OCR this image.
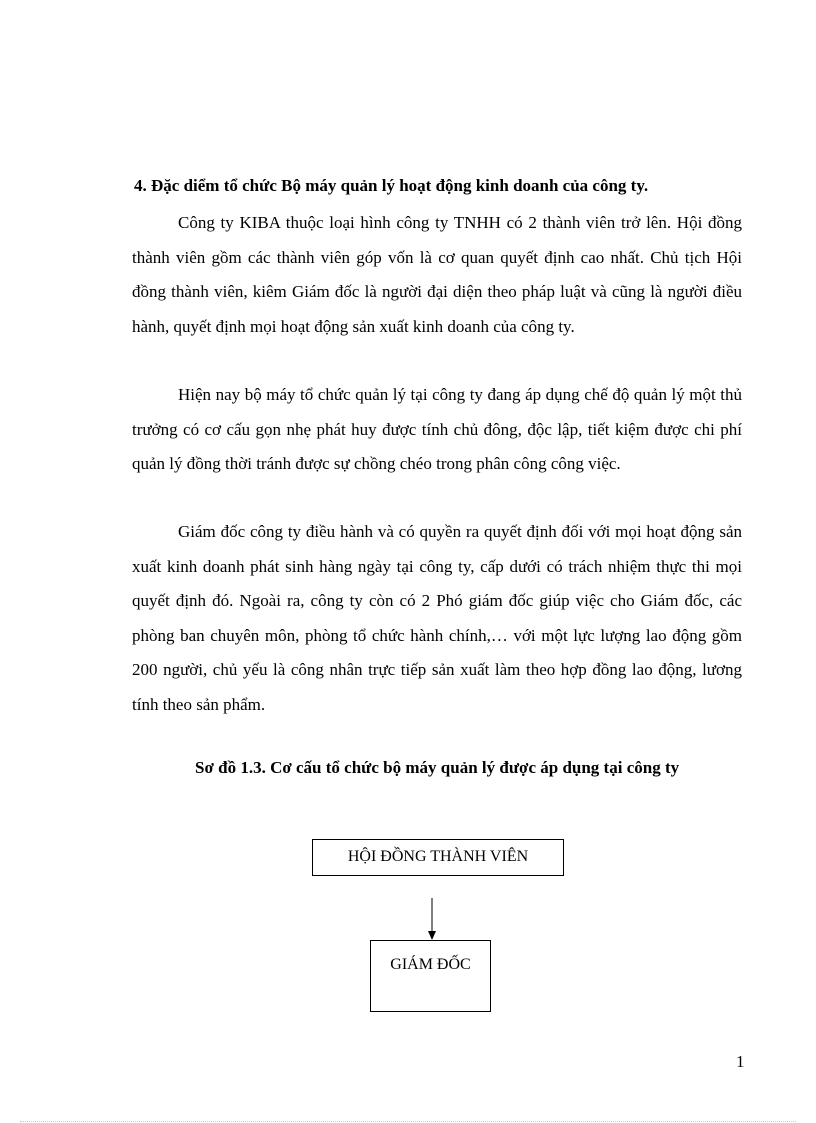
4. Đặc diểm tổ chức Bộ máy quản lý hoạt động kinh doanh của công ty.

Công ty KIBA thuộc loại hình công ty TNHH có 2 thành viên trở lên. Hội đồng thành viên gồm các thành viên góp vốn là cơ quan quyết định cao nhất. Chủ tịch Hội đồng thành viên, kiêm Giám đốc là người đại diện theo pháp luật và cũng là người điều hành, quyết định mọi hoạt động sản xuất kinh doanh của công ty.

Hiện nay bộ máy tổ chức quản lý tại công ty đang áp dụng chế độ quản lý một thủ trưởng có cơ cấu gọn nhẹ phát huy được tính chủ đông, độc lập, tiết kiệm được chi phí quản lý đồng thời tránh được sự chồng chéo trong phân công công việc.

Giám đốc công ty điều hành và có quyền ra quyết định đối với mọi hoạt động sản xuất kinh doanh phát sinh hàng ngày tại công ty, cấp dưới có trách nhiệm thực thi mọi quyết định đó. Ngoài ra, công ty còn có 2 Phó giám đốc giúp việc cho Giám đốc, các phòng ban chuyên môn, phòng tổ chức hành chính,… với một lực lượng lao động gồm 200 người, chủ yếu là công nhân trực tiếp sản xuất làm theo hợp đồng lao động, lương tính theo sản phẩm.

Sơ đồ 1.3. Cơ cấu tổ chức bộ máy quản lý được áp dụng tại công ty
HỘI ĐỒNG THÀNH VIÊN
GIÁM ĐỐC

1
